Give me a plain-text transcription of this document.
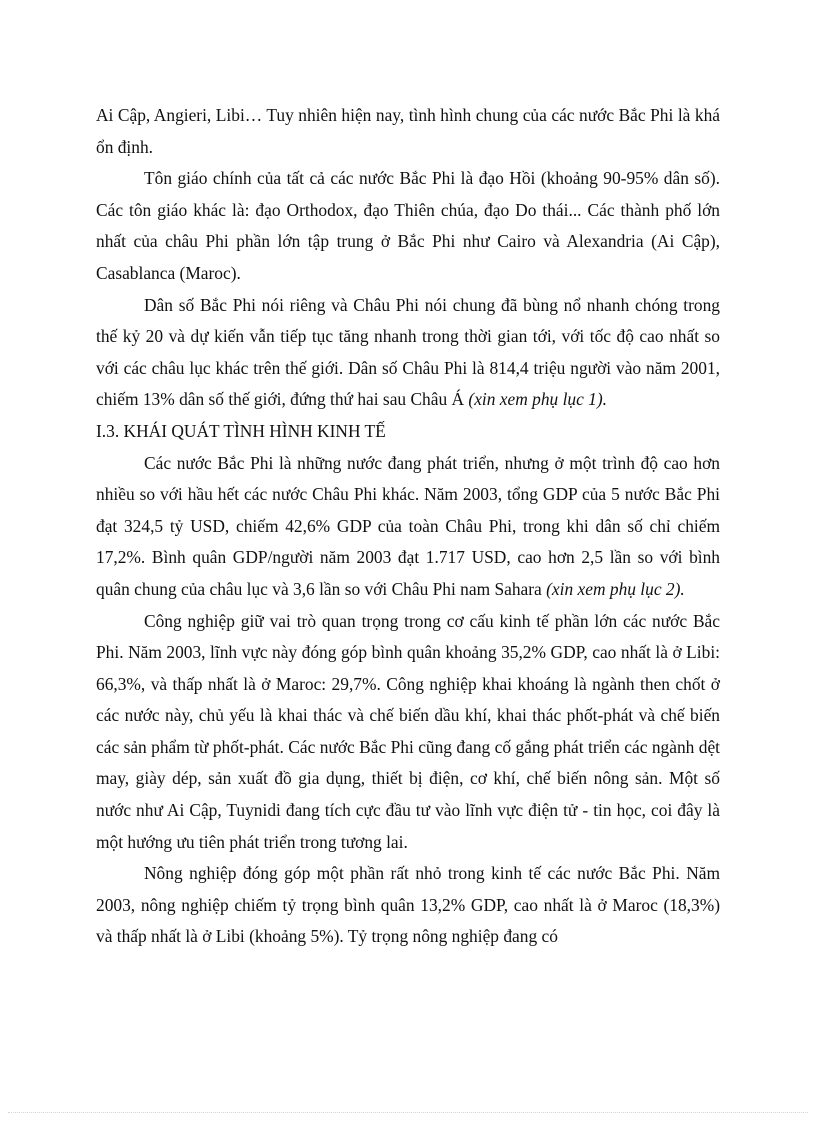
Ai Cập, Angieri, Libi… Tuy nhiên hiện nay, tình hình chung của các nước Bắc Phi là khá ổn định.

Tôn giáo chính của tất cả các nước Bắc Phi là đạo Hồi (khoảng 90-95% dân số). Các tôn giáo khác là: đạo Orthodox, đạo Thiên chúa, đạo Do thái... Các thành phố lớn nhất của châu Phi phần lớn tập trung ở Bắc Phi như Cairo và Alexandria (Ai Cập), Casablanca (Maroc).

Dân số Bắc Phi nói riêng và Châu Phi nói chung đã bùng nổ nhanh chóng trong thế kỷ 20 và dự kiến vẫn tiếp tục tăng nhanh trong thời gian tới, với tốc độ cao nhất so với các châu lục khác trên thế giới. Dân số Châu Phi là 814,4 triệu người vào năm 2001, chiếm 13% dân số thế giới, đứng thứ hai sau Châu Á (xin xem phụ lục 1).

I.3. KHÁI QUÁT TÌNH HÌNH KINH TẾ

Các nước Bắc Phi là những nước đang phát triển, nhưng ở một trình độ cao hơn nhiều so với hầu hết các nước Châu Phi khác. Năm 2003, tổng GDP của 5 nước Bắc Phi đạt 324,5 tỷ USD, chiếm 42,6% GDP của toàn Châu Phi, trong khi dân số chỉ chiếm 17,2%. Bình quân GDP/người năm 2003 đạt 1.717 USD, cao hơn 2,5 lần so với bình quân chung của châu lục và 3,6 lần so với Châu Phi nam Sahara (xin xem phụ lục 2).

Công nghiệp giữ vai trò quan trọng trong cơ cấu kinh tế phần lớn các nước Bắc Phi. Năm 2003, lĩnh vực này đóng góp bình quân khoảng 35,2% GDP, cao nhất là ở Libi: 66,3%, và thấp nhất là ở Maroc: 29,7%. Công nghiệp khai khoáng là ngành then chốt ở các nước này, chủ yếu là khai thác và chế biến dầu khí, khai thác phốt-phát và chế biến các sản phẩm từ phốt-phát. Các nước Bắc Phi cũng đang cố gắng phát triển các ngành dệt may, giày dép, sản xuất đồ gia dụng, thiết bị điện, cơ khí, chế biến nông sản. Một số nước như Ai Cập, Tuynidi đang tích cực đầu tư vào lĩnh vực điện tử - tin học, coi đây là một hướng ưu tiên phát triển trong tương lai.

Nông nghiệp đóng góp một phần rất nhỏ trong kinh tế các nước Bắc Phi. Năm 2003, nông nghiệp chiếm tỷ trọng bình quân 13,2% GDP, cao nhất là ở Maroc (18,3%) và thấp nhất là ở Libi (khoảng 5%). Tỷ trọng nông nghiệp đang có
